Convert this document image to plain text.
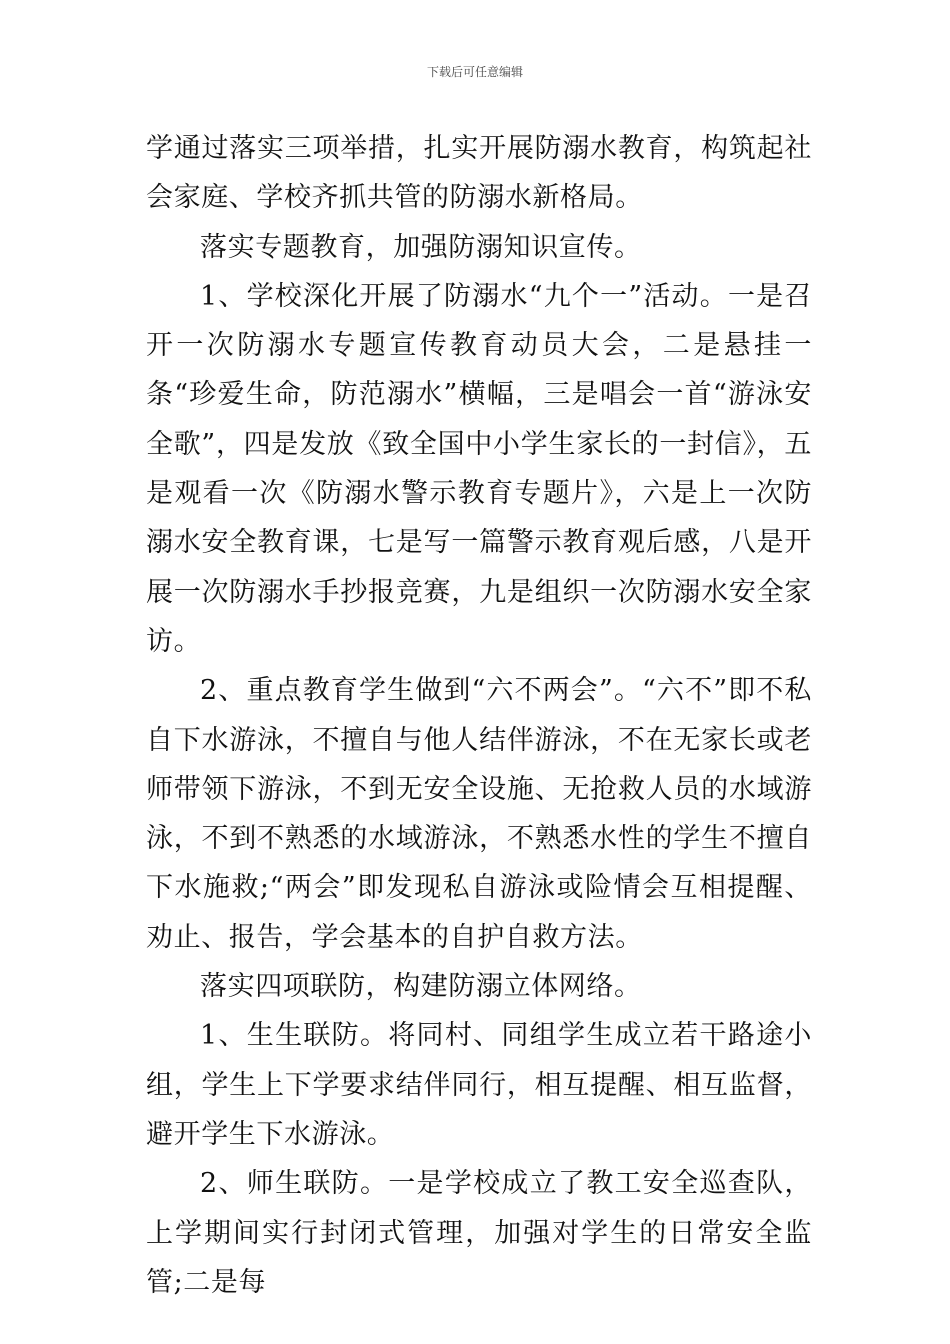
下载后可任意编辑

学通过落实三项举措，扎实开展防溺水教育，构筑起社会家庭、学校齐抓共管的防溺水新格局。

落实专题教育，加强防溺知识宣传。

1、学校深化开展了防溺水“九个一”活动。一是召开一次防溺水专题宣传教育动员大会，二是悬挂一条“珍爱生命，防范溺水”横幅，三是唱会一首“游泳安全歌”，四是发放《致全国中小学生家长的一封信》，五是观看一次《防溺水警示教育专题片》，六是上一次防溺水安全教育课，七是写一篇警示教育观后感，八是开展一次防溺水手抄报竞赛，九是组织一次防溺水安全家访。

2、重点教育学生做到“六不两会”。“六不”即不私自下水游泳，不擅自与他人结伴游泳，不在无家长或老师带领下游泳，不到无安全设施、无抢救人员的水域游泳，不到不熟悉的水域游泳，不熟悉水性的学生不擅自下水施救;“两会”即发现私自游泳或险情会互相提醒、劝止、报告，学会基本的自护自救方法。

落实四项联防，构建防溺立体网络。

1、生生联防。将同村、同组学生成立若干路途小组，学生上下学要求结伴同行，相互提醒、相互监督，避开学生下水游泳。

2、师生联防。一是学校成立了教工安全巡查队，上学期间实行封闭式管理，加强对学生的日常安全监管;二是每
